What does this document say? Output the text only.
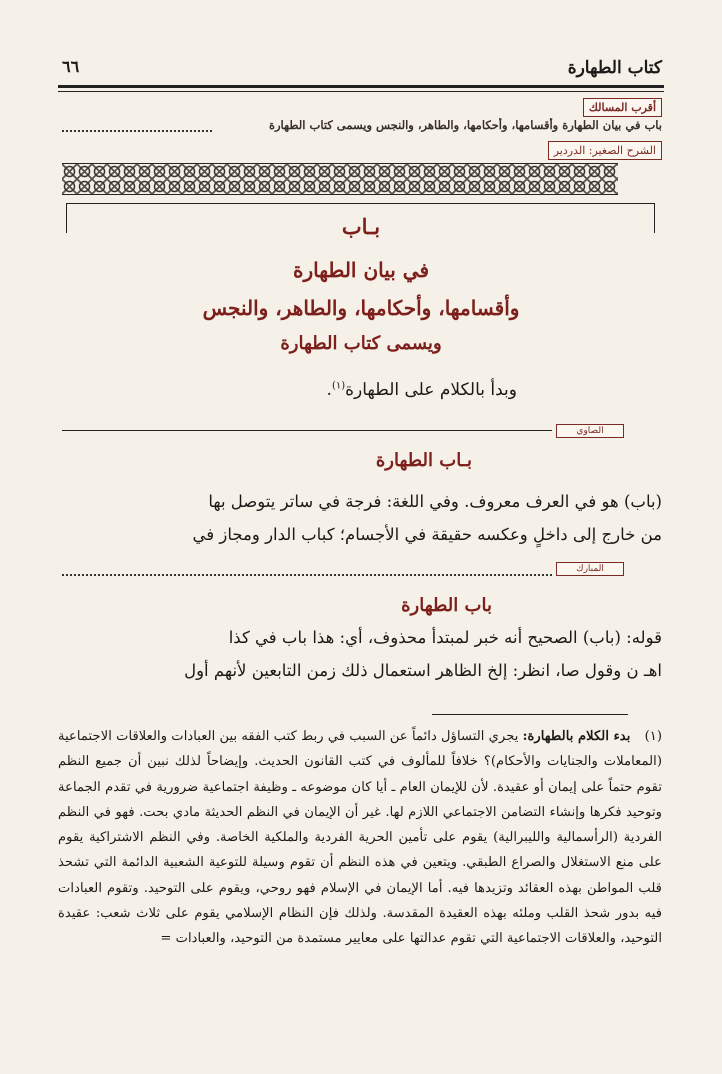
كتاب الطهارة
٦٦
أقرب المسالك
باب في بيان الطهارة وأقسامها، وأحكامها، والطاهر، والنجس ويسمى كتاب الطهارة
الشرح الصغير: الدردير
بـاب
في بيان الطهارة
وأقسامها، وأحكامها، والطاهر، والنجس
ويسمى كتاب الطهارة
وبدأ بالكلام على الطهارة$^{(١)}$.
الصاوي
بـاب الطهارة
(باب) هو في العرف معروف. وفي اللغة: فرجة في ساتر يتوصل بها
من خارج إلى داخلٍ وعكسه حقيقة في الأجسام؛ كباب الدار ومجاز في
المبارك
باب الطهارة
قوله: (باب) الصحيح أنه خبر لمبتدأ محذوف، أي: هذا باب في كذا
اهـ ن وقول صا، انظر: إلخ الظاهر استعمال ذلك زمن التابعين لأنهم أول
(١) بدء الكلام بالطهارة: يجري التساؤل دائماً عن السبب في ربط كتب الفقه بين العبادات والعلاقات الاجتماعية (المعاملات والجنايات والأحكام)؟ خلافاً للمألوف في كتب القانون الحديث. وإيضاحاً لذلك نبين أن جميع النظم تقوم حتماً على إيمان أو عقيدة. لأن للإيمان العام ـ أيا كان موضوعه ـ وظيفة اجتماعية ضرورية في تقدم الجماعة وتوحيد فكرها وإنشاء التضامن الاجتماعي اللازم لها. غير أن الإيمان في النظم الحديثة مادي بحت. فهو في النظم الفردية (الرأسمالية والليبرالية) يقوم على تأمين الحرية الفردية والملكية الخاصة. وفي النظم الاشتراكية يقوم على منع الاستغلال والصراع الطبقي. ويتعين في هذه النظم أن تقوم وسيلة للتوعية الشعبية الدائمة التي تشحذ قلب المواطن بهذه العقائد وتزيدها فيه. أما الإيمان في الإسلام فهو روحي، ويقوم على التوحيد. وتقوم العبادات فيه بدور شحذ القلب وملئه بهذه العقيدة المقدسة. ولذلك فإن النظام الإسلامي يقوم على ثلاث شعب: عقيدة التوحيد، والعلاقات الاجتماعية التي تقوم عدالتها على معايير مستمدة من التوحيد، والعبادات =
